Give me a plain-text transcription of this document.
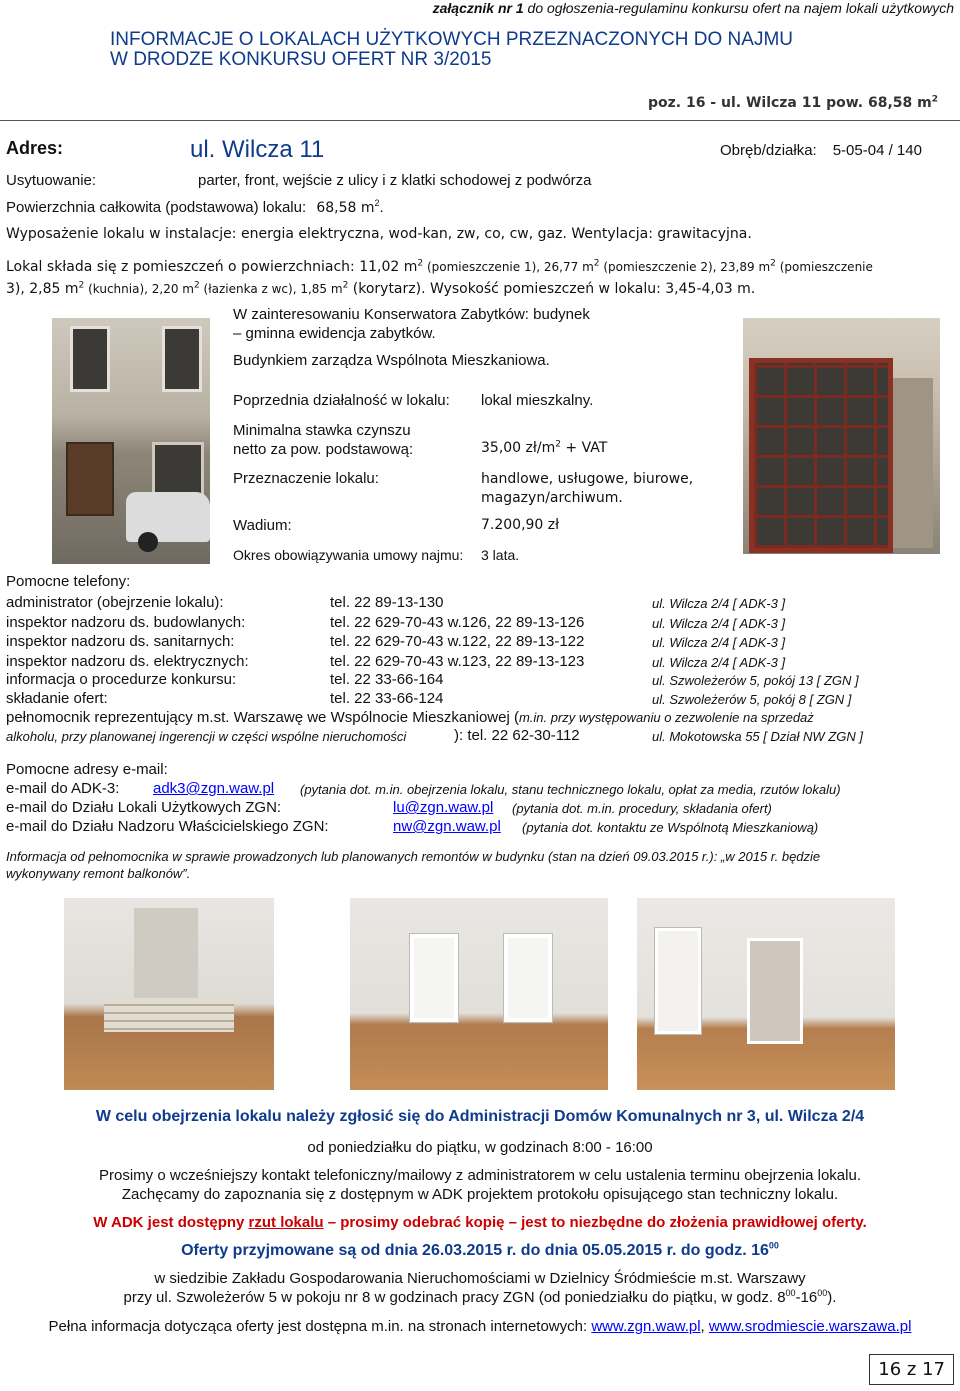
załącznik nr 1 do ogłoszenia-regulaminu konkursu ofert na najem lokali użytkowych
INFORMACJE O LOKALACH UŻYTKOWYCH PRZEZNACZONYCH DO NAJMU
W DRODZE KONKURSU OFERT NR 3/2015
poz. 16 - ul. Wilcza 11 pow. 68,58 $m^2$
Adres:	ul. Wilcza 11	Obręb/działka: 5-05-04 / 140
Usytuowanie:	parter, front, wejście z ulicy i z klatki schodowej z podwórza
Powierzchnia całkowita (podstawowa) lokalu: 68,58 $m^2$.
Wyposażenie lokalu w instalacje: energia elektryczna, wod-kan, zw, co, cw, gaz. Wentylacja: grawitacyjna.
Lokal składa się z pomieszczeń o powierzchniach: 11,02 $m^2$ (pomieszczenie 1), 26,77 $m^2$ (pomieszczenie 2), 23,89 $m^2$ (pomieszczenie
3), 2,85 $m^2$ (kuchnia), 2,20 $m^2$ (łazienka z wc), 1,85 $m^2$ (korytarz). Wysokość pomieszczeń w lokalu: 3,45-4,03 m.
W zainteresowaniu Konserwatora Zabytków: budynek
– gminna ewidencja zabytków.
Budynkiem zarządza Wspólnota Mieszkaniowa.
Poprzednia działalność w lokalu: lokal mieszkalny.
Minimalna stawka czynszu
netto za pow. podstawową:	35,00 $zł/m^2$ + VAT
Przeznaczenie lokalu:	handlowe, usługowe, biurowe,
magazyn/archiwum.
Wadium:	7.200,90 zł
Okres obowiązywania umowy najmu: 3 lata.
Pomocne telefony:
administrator (obejrzenie lokalu):	tel. 22 89-13-130	ul. Wilcza 2/4 [ ADK-3 ]
inspektor nadzoru ds. budowlanych:	tel. 22 629-70-43 w.126, 22 89-13-126	ul. Wilcza 2/4 [ ADK-3 ]
inspektor nadzoru ds. sanitarnych:	tel. 22 629-70-43 w.122, 22 89-13-122	ul. Wilcza 2/4 [ ADK-3 ]
inspektor nadzoru ds. elektrycznych:	tel. 22 629-70-43 w.123, 22 89-13-123	ul. Wilcza 2/4 [ ADK-3 ]
informacja o procedurze konkursu:	tel. 22 33-66-164	ul. Szwoleżerów 5, pokój 13 [ ZGN ]
składanie ofert:	tel. 22 33-66-124	ul. Szwoleżerów 5, pokój 8 [ ZGN ]
pełnomocnik reprezentujący m.st. Warszawę we Wspólnocie Mieszkaniowej (m.in. przy występowaniu o zezwolenie na sprzedaż
alkoholu, przy planowanej ingerencji w części wspólne nieruchomości	): tel. 22 62-30-112	ul. Mokotowska 55 [ Dział NW ZGN ]
Pomocne adresy e-mail:
e-mail do ADK-3: adk3@zgn.waw.pl (pytania dot. m.in. obejrzenia lokalu, stanu technicznego lokalu, opłat za media, rzutów lokalu)
e-mail do Działu Lokali Użytkowych ZGN:	lu@zgn.waw.pl (pytania dot. m.in. procedury, składania ofert)
e-mail do Działu Nadzoru Właścicielskiego ZGN:	nw@zgn.waw.pl (pytania dot. kontaktu ze Wspólnotą Mieszkaniową)
Informacja od pełnomocnika w sprawie prowadzonych lub planowanych remontów w budynku (stan na dzień 09.03.2015 r.): „w 2015 r. będzie
wykonywany remont balkonów”.
W celu obejrzenia lokalu należy zgłosić się do Administracji Domów Komunalnych nr 3, ul. Wilcza 2/4
od poniedziałku do piątku, w godzinach 8:00 - 16:00
Prosimy o wcześniejszy kontakt telefoniczny/mailowy z administratorem w celu ustalenia terminu obejrzenia lokalu.
Zachęcamy do zapoznania się z dostępnym w ADK projektem protokołu opisującego stan techniczny lokalu.
W ADK jest dostępny rzut lokalu – prosimy odebrać kopię – jest to niezbędne do złożenia prawidłowej oferty.
Oferty przyjmowane są od dnia 26.03.2015 r. do dnia 05.05.2015 r. do godz. $16^{00}$
w siedzibie Zakładu Gospodarowania Nieruchomościami w Dzielnicy Śródmieście m.st. Warszawy
przy ul. Szwoleżerów 5 w pokoju nr 8 w godzinach pracy ZGN (od poniedziałku do piątku, w godz. $8^{00}-16^{00}$).
Pełna informacja dotycząca oferty jest dostępna m.in. na stronach internetowych: www.zgn.waw.pl, www.srodmiescie.warszawa.pl
16 z 17
